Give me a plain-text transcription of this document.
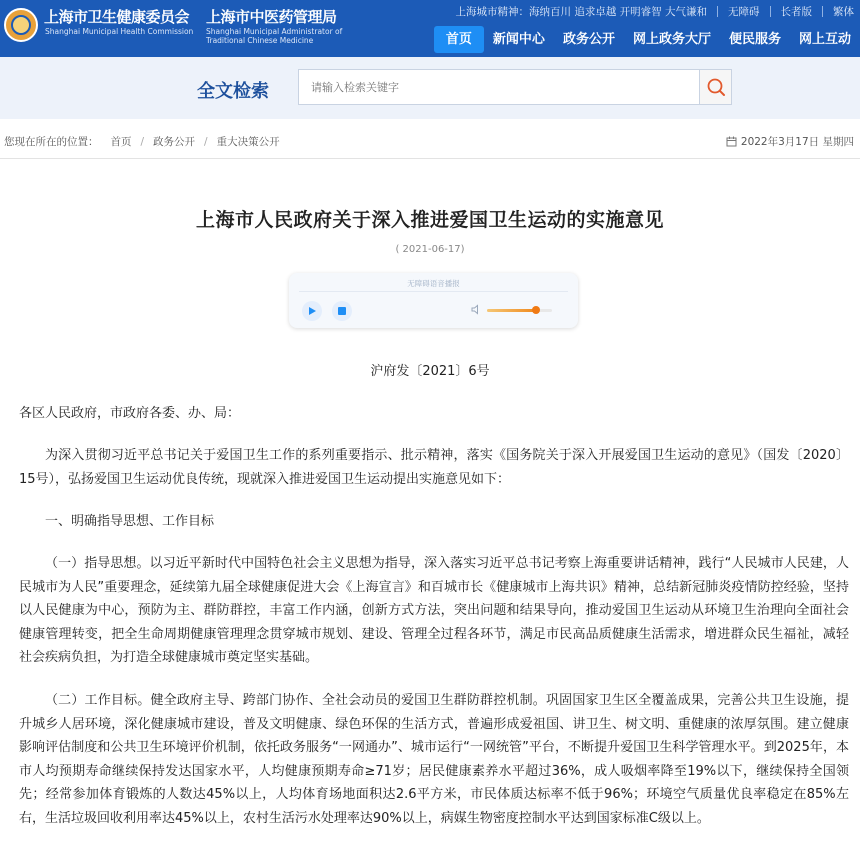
上海市卫生健康委员会
Shanghai Municipal Health Commission
上海市中医药管理局
Shanghai Municipal Administrator of
Traditional Chinese Medicine
上海城市精神：海纳百川 追求卓越 开明睿智 大气谦和 无障碍 长者版 繁体
首页	新闻中心	政务公开	网上政务大厅	便民服务	网上互动
全文检索
请输入检索关键字
您现在所在的位置： 首页 / 政务公开 / 重大决策公开	2022年3月17日 星期四
上海市人民政府关于深入推进爱国卫生运动的实施意见
( 2021-06-17)
无障碍语音播报
沪府发〔2021〕6号

各区人民政府，市政府各委、办、局：

为深入贯彻习近平总书记关于爱国卫生工作的系列重要指示、批示精神，落实《国务院关于深入开展爱国卫生运动的意见》（国发〔2020〕15号），弘扬爱国卫生运动优良传统，现就深入推进爱国卫生运动提出实施意见如下：

一、明确指导思想、工作目标

（一）指导思想。以习近平新时代中国特色社会主义思想为指导，深入落实习近平总书记考察上海重要讲话精神，践行“人民城市人民建，人民城市为人民”重要理念，延续第九届全球健康促进大会《上海宣言》和百城市长《健康城市上海共识》精神，总结新冠肺炎疫情防控经验，坚持以人民健康为中心，预防为主、群防群控，丰富工作内涵，创新方式方法，突出问题和结果导向，推动爱国卫生运动从环境卫生治理向全面社会健康管理转变，把全生命周期健康管理理念贯穿城市规划、建设、管理全过程各环节，满足市民高品质健康生活需求，增进群众民生福祉，减轻社会疾病负担，为打造全球健康城市奠定坚实基础。

（二）工作目标。健全政府主导、跨部门协作、全社会动员的爱国卫生群防群控机制。巩固国家卫生区全覆盖成果，完善公共卫生设施，提升城乡人居环境，深化健康城市建设，普及文明健康、绿色环保的生活方式，普遍形成爱祖国、讲卫生、树文明、重健康的浓厚氛围。建立健康影响评估制度和公共卫生环境评价机制，依托政务服务“一网通办”、城市运行“一网统管”平台，不断提升爱国卫生科学管理水平。到2025年，本市人均预期寿命继续保持发达国家水平，人均健康预期寿命≥71岁；居民健康素养水平超过36%，成人吸烟率降至19%以下，继续保持全国领先；经常参加体育锻炼的人数达45%以上，人均体育场地面积达2.6平方米，市民体质达标率不低于96%；环境空气质量优良率稳定在85%左右，生活垃圾回收利用率达45%以上，农村生活污水处理率达90%以上，病媒生物密度控制水平达到国家标准C级以上。
